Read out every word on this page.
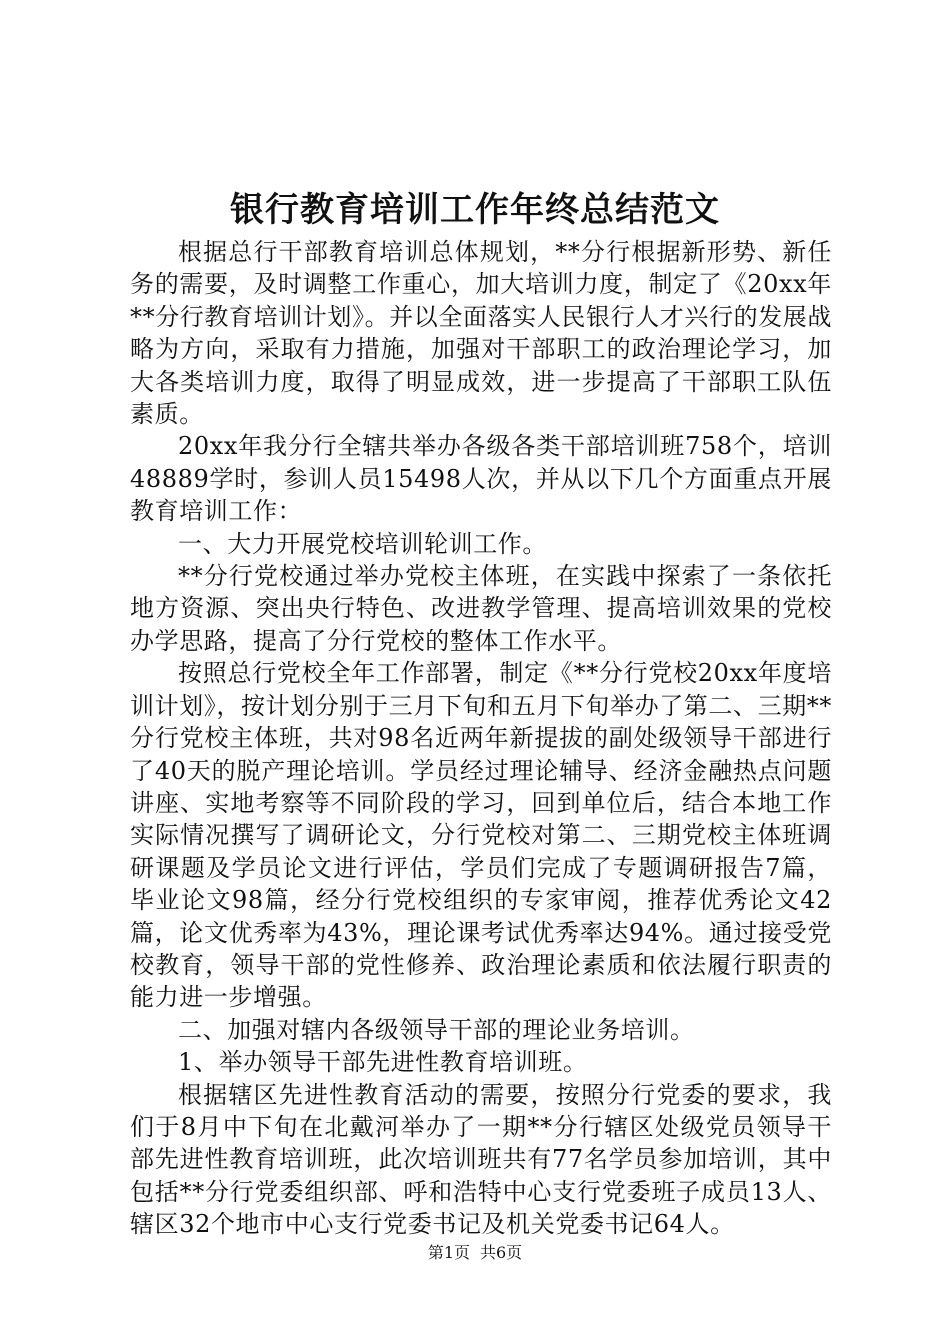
银行教育培训工作年终总结范文

根据总行干部教育培训总体规划，**分行根据新形势、新任务的需要，及时调整工作重心，加大培训力度，制定了《20xx年**分行教育培训计划》。并以全面落实人民银行人才兴行的发展战略为方向，采取有力措施，加强对干部职工的政治理论学习，加大各类培训力度，取得了明显成效，进一步提高了干部职工队伍素质。

20xx年我分行全辖共举办各级各类干部培训班758个，培训48889学时，参训人员15498人次，并从以下几个方面重点开展教育培训工作：

一、大力开展党校培训轮训工作。

**分行党校通过举办党校主体班，在实践中探索了一条依托地方资源、突出央行特色、改进教学管理、提高培训效果的党校办学思路，提高了分行党校的整体工作水平。

按照总行党校全年工作部署，制定《**分行党校20xx年度培训计划》，按计划分别于三月下旬和五月下旬举办了第二、三期**分行党校主体班，共对98名近两年新提拔的副处级领导干部进行了40天的脱产理论培训。学员经过理论辅导、经济金融热点问题讲座、实地考察等不同阶段的学习，回到单位后，结合本地工作实际情况撰写了调研论文，分行党校对第二、三期党校主体班调研课题及学员论文进行评估，学员们完成了专题调研报告7篇，毕业论文98篇，经分行党校组织的专家审阅，推荐优秀论文42篇，论文优秀率为43%，理论课考试优秀率达94%。通过接受党校教育，领导干部的党性修养、政治理论素质和依法履行职责的能力进一步增强。

二、加强对辖内各级领导干部的理论业务培训。

1、举办领导干部先进性教育培训班。

根据辖区先进性教育活动的需要，按照分行党委的要求，我们于8月中下旬在北戴河举办了一期**分行辖区处级党员领导干部先进性教育培训班，此次培训班共有77名学员参加培训，其中包括**分行党委组织部、呼和浩特中心支行党委班子成员13人、辖区32个地市中心支行党委书记及机关党委书记64人。

第1页 共6页
